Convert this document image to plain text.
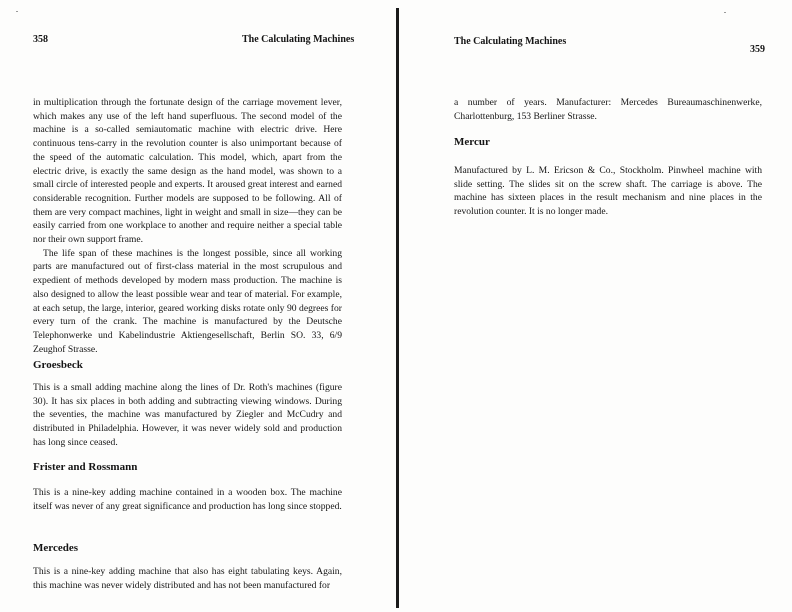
358	The Calculating Machines

in multiplication through the fortunate design of the carriage movement lever, which makes any use of the left hand superfluous. The second model of the machine is a so-called semiautomatic machine with electric drive. Here continuous tens-carry in the revolution counter is also unimportant because of the speed of the automatic calculation. This model, which, apart from the electric drive, is exactly the same design as the hand model, was shown to a small circle of interested people and experts. It aroused great interest and earned considerable recognition. Further models are supposed to be following. All of them are very compact machines, light in weight and small in size—they can be easily carried from one workplace to another and require neither a special table nor their own support frame.

The life span of these machines is the longest possible, since all working parts are manufactured out of first-class material in the most scrupulous and expedient of methods developed by modern mass production. The machine is also designed to allow the least possible wear and tear of material. For example, at each setup, the large, interior, geared working disks rotate only 90 degrees for every turn of the crank. The machine is manufactured by the Deutsche Telephonwerke und Kabelindustrie Aktiengesellschaft, Berlin SO. 33, 6/9 Zeughof Strasse.

Groesbeck

This is a small adding machine along the lines of Dr. Roth's machines (figure 30). It has six places in both adding and subtracting viewing windows. During the seventies, the machine was manufactured by Ziegler and McCudry and distributed in Philadelphia. However, it was never widely sold and production has long since ceased.

Frister and Rossmann

This is a nine-key adding machine contained in a wooden box. The machine itself was never of any great significance and production has long since stopped.

Mercedes

This is a nine-key adding machine that also has eight tabulating keys. Again, this machine was never widely distributed and has not been manufactured for

The Calculating Machines
359

a number of years. Manufacturer: Mercedes Bureaumaschinenwerke, Charlottenburg, 153 Berliner Strasse.

Mercur

Manufactured by L. M. Ericson & Co., Stockholm. Pinwheel machine with slide setting. The slides sit on the screw shaft. The carriage is above. The machine has sixteen places in the result mechanism and nine places in the revolution counter. It is no longer made.
